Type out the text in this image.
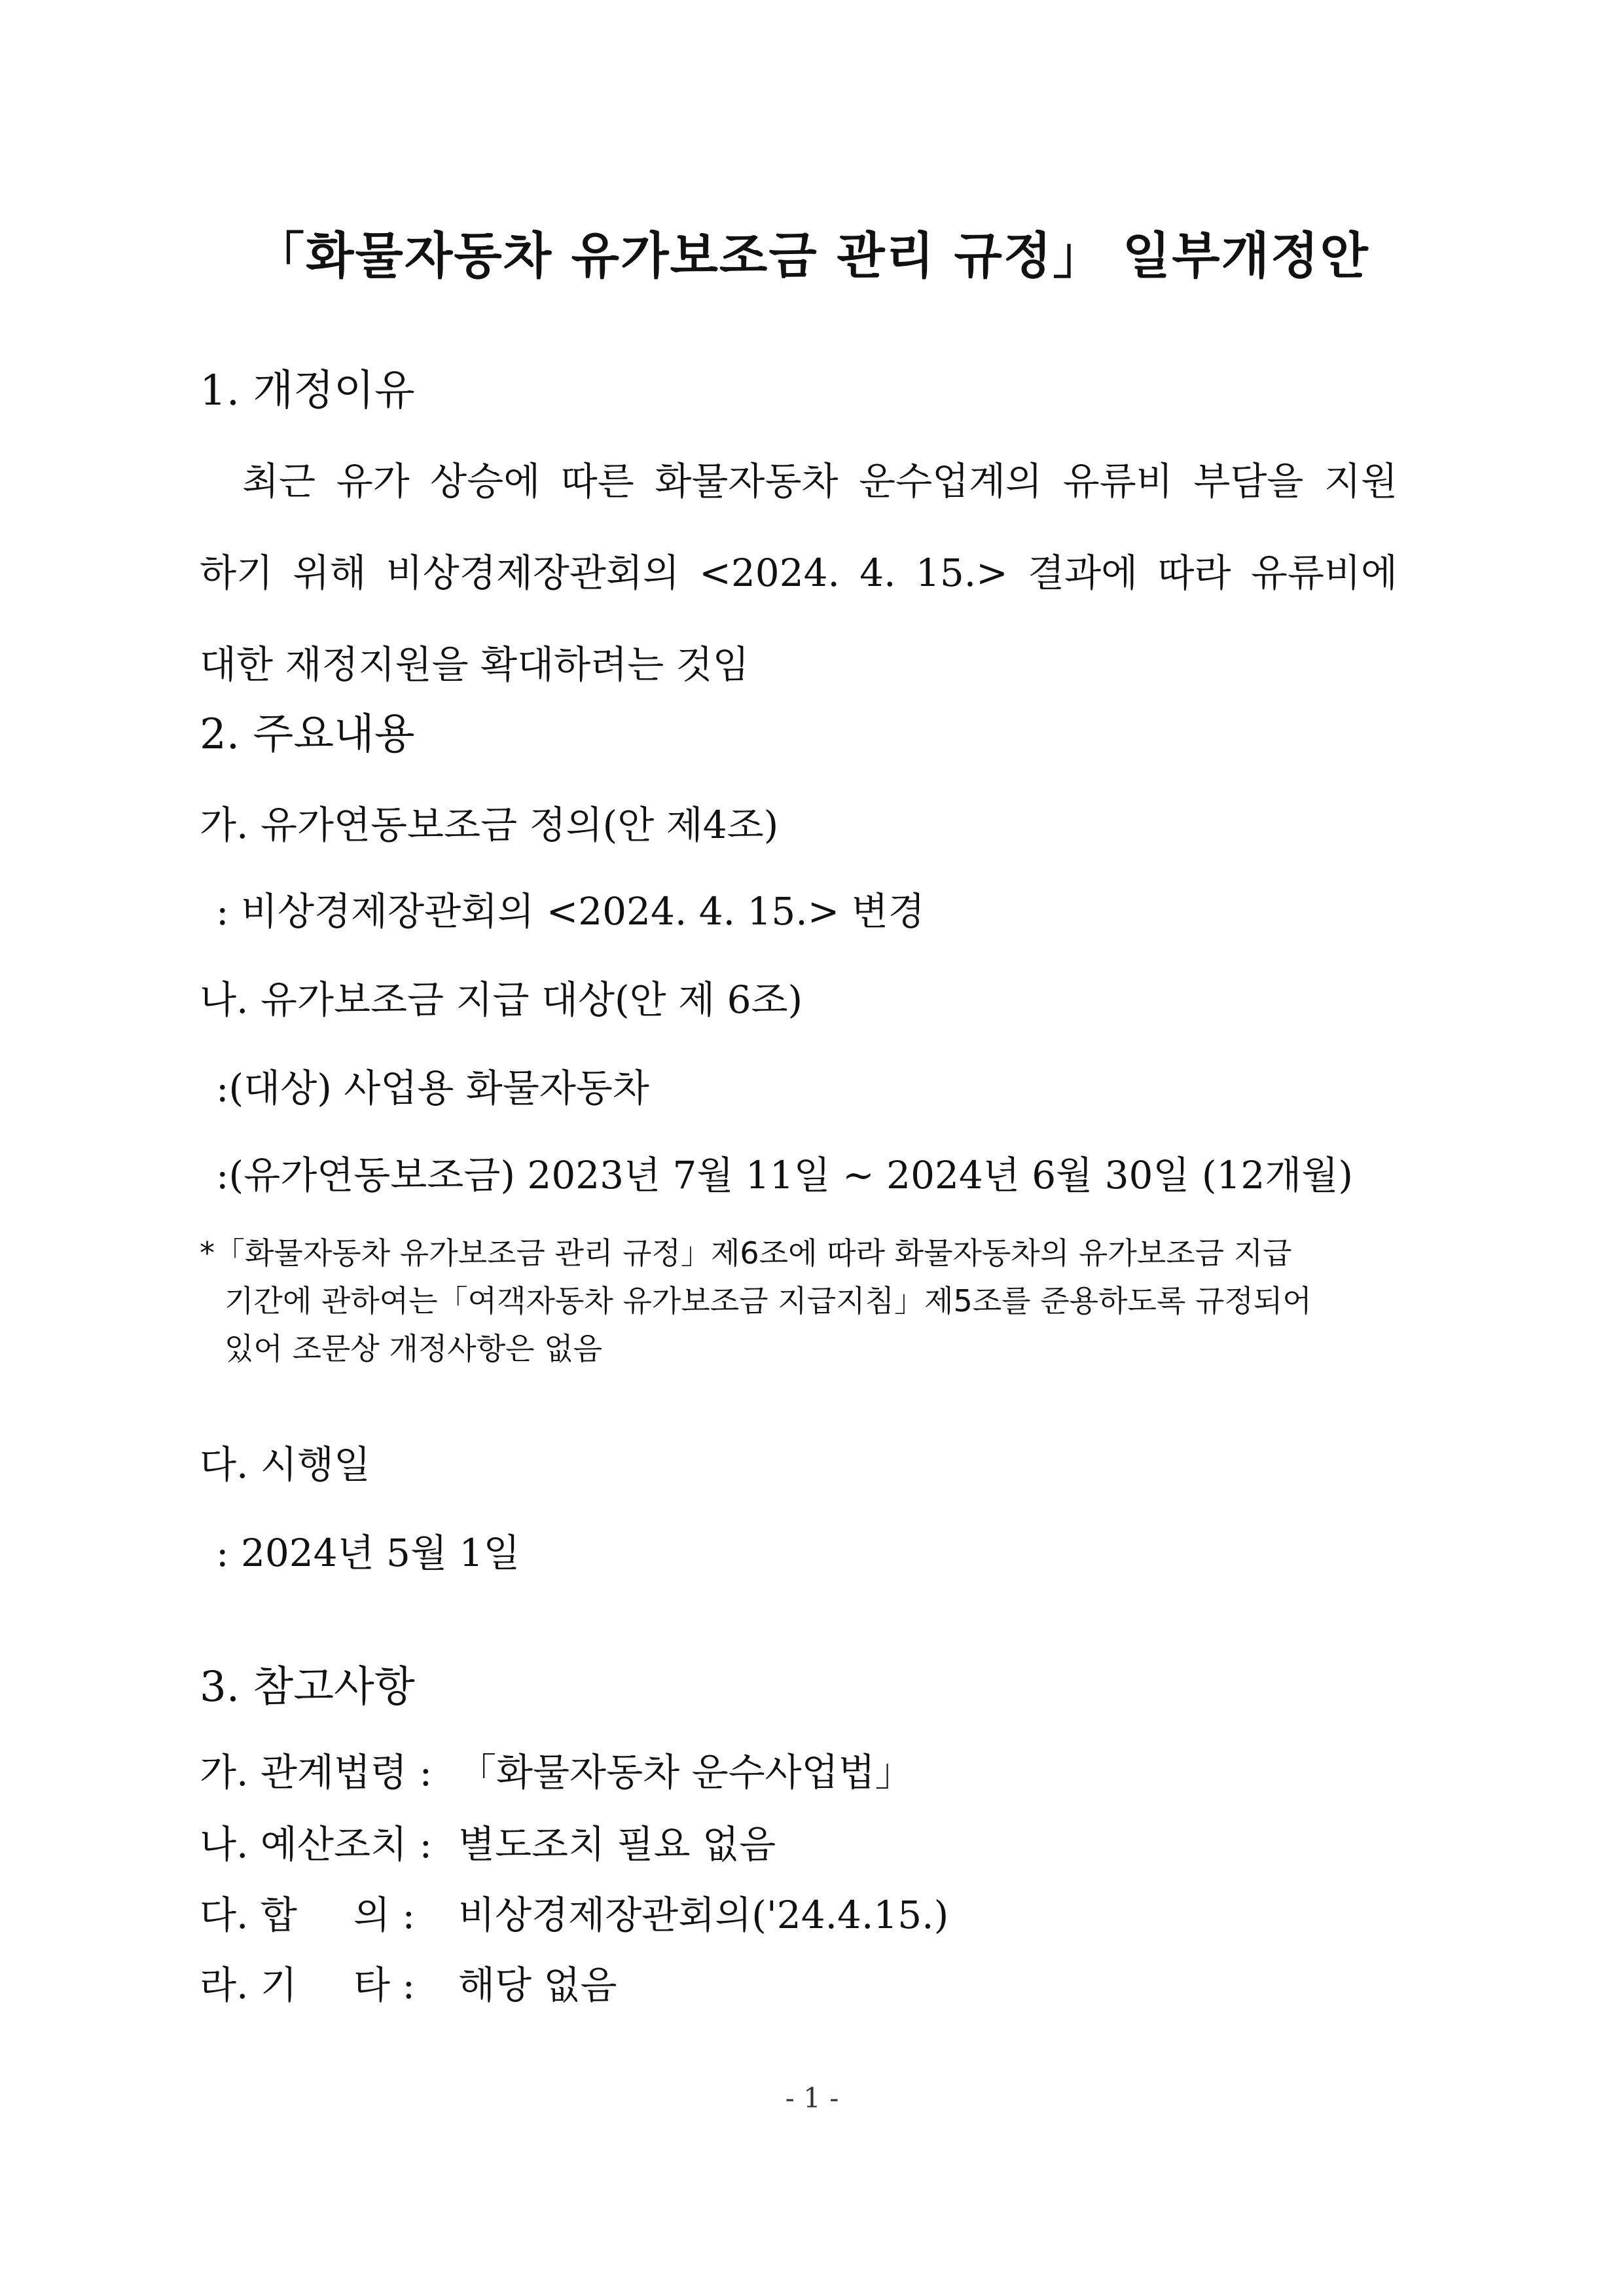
「화물자동차 유가보조금 관리 규정」 일부개정안
1. 개정이유
최근 유가 상승에 따른 화물자동차 운수업계의 유류비 부담을 지원
하기 위해 비상경제장관회의 <2024. 4. 15.> 결과에 따라 유류비에
대한 재정지원을 확대하려는 것임
2. 주요내용
가. 유가연동보조금 정의(안 제4조)
: 비상경제장관회의 <2024. 4. 15.> 변경
나. 유가보조금 지급 대상(안 제 6조)
:(대상) 사업용 화물자동차
:(유가연동보조금) 2023년 7월 11일 ~ 2024년 6월 30일 (12개월)
*「화물자동차 유가보조금 관리 규정」제6조에 따라 화물자동차의 유가보조금 지급
기간에 관하여는「여객자동차 유가보조금 지급지침」제5조를 준용하도록 규정되어
있어 조문상 개정사항은 없음
다. 시행일
: 2024년 5월 1일
3. 참고사항
가. 관계법령 : 「화물자동차 운수사업법」
나. 예산조치 : 별도조치 필요 없음
다. 합 의 : 비상경제장관회의('24.4.15.)
라. 기 타 : 해당 없음
- 1 -
